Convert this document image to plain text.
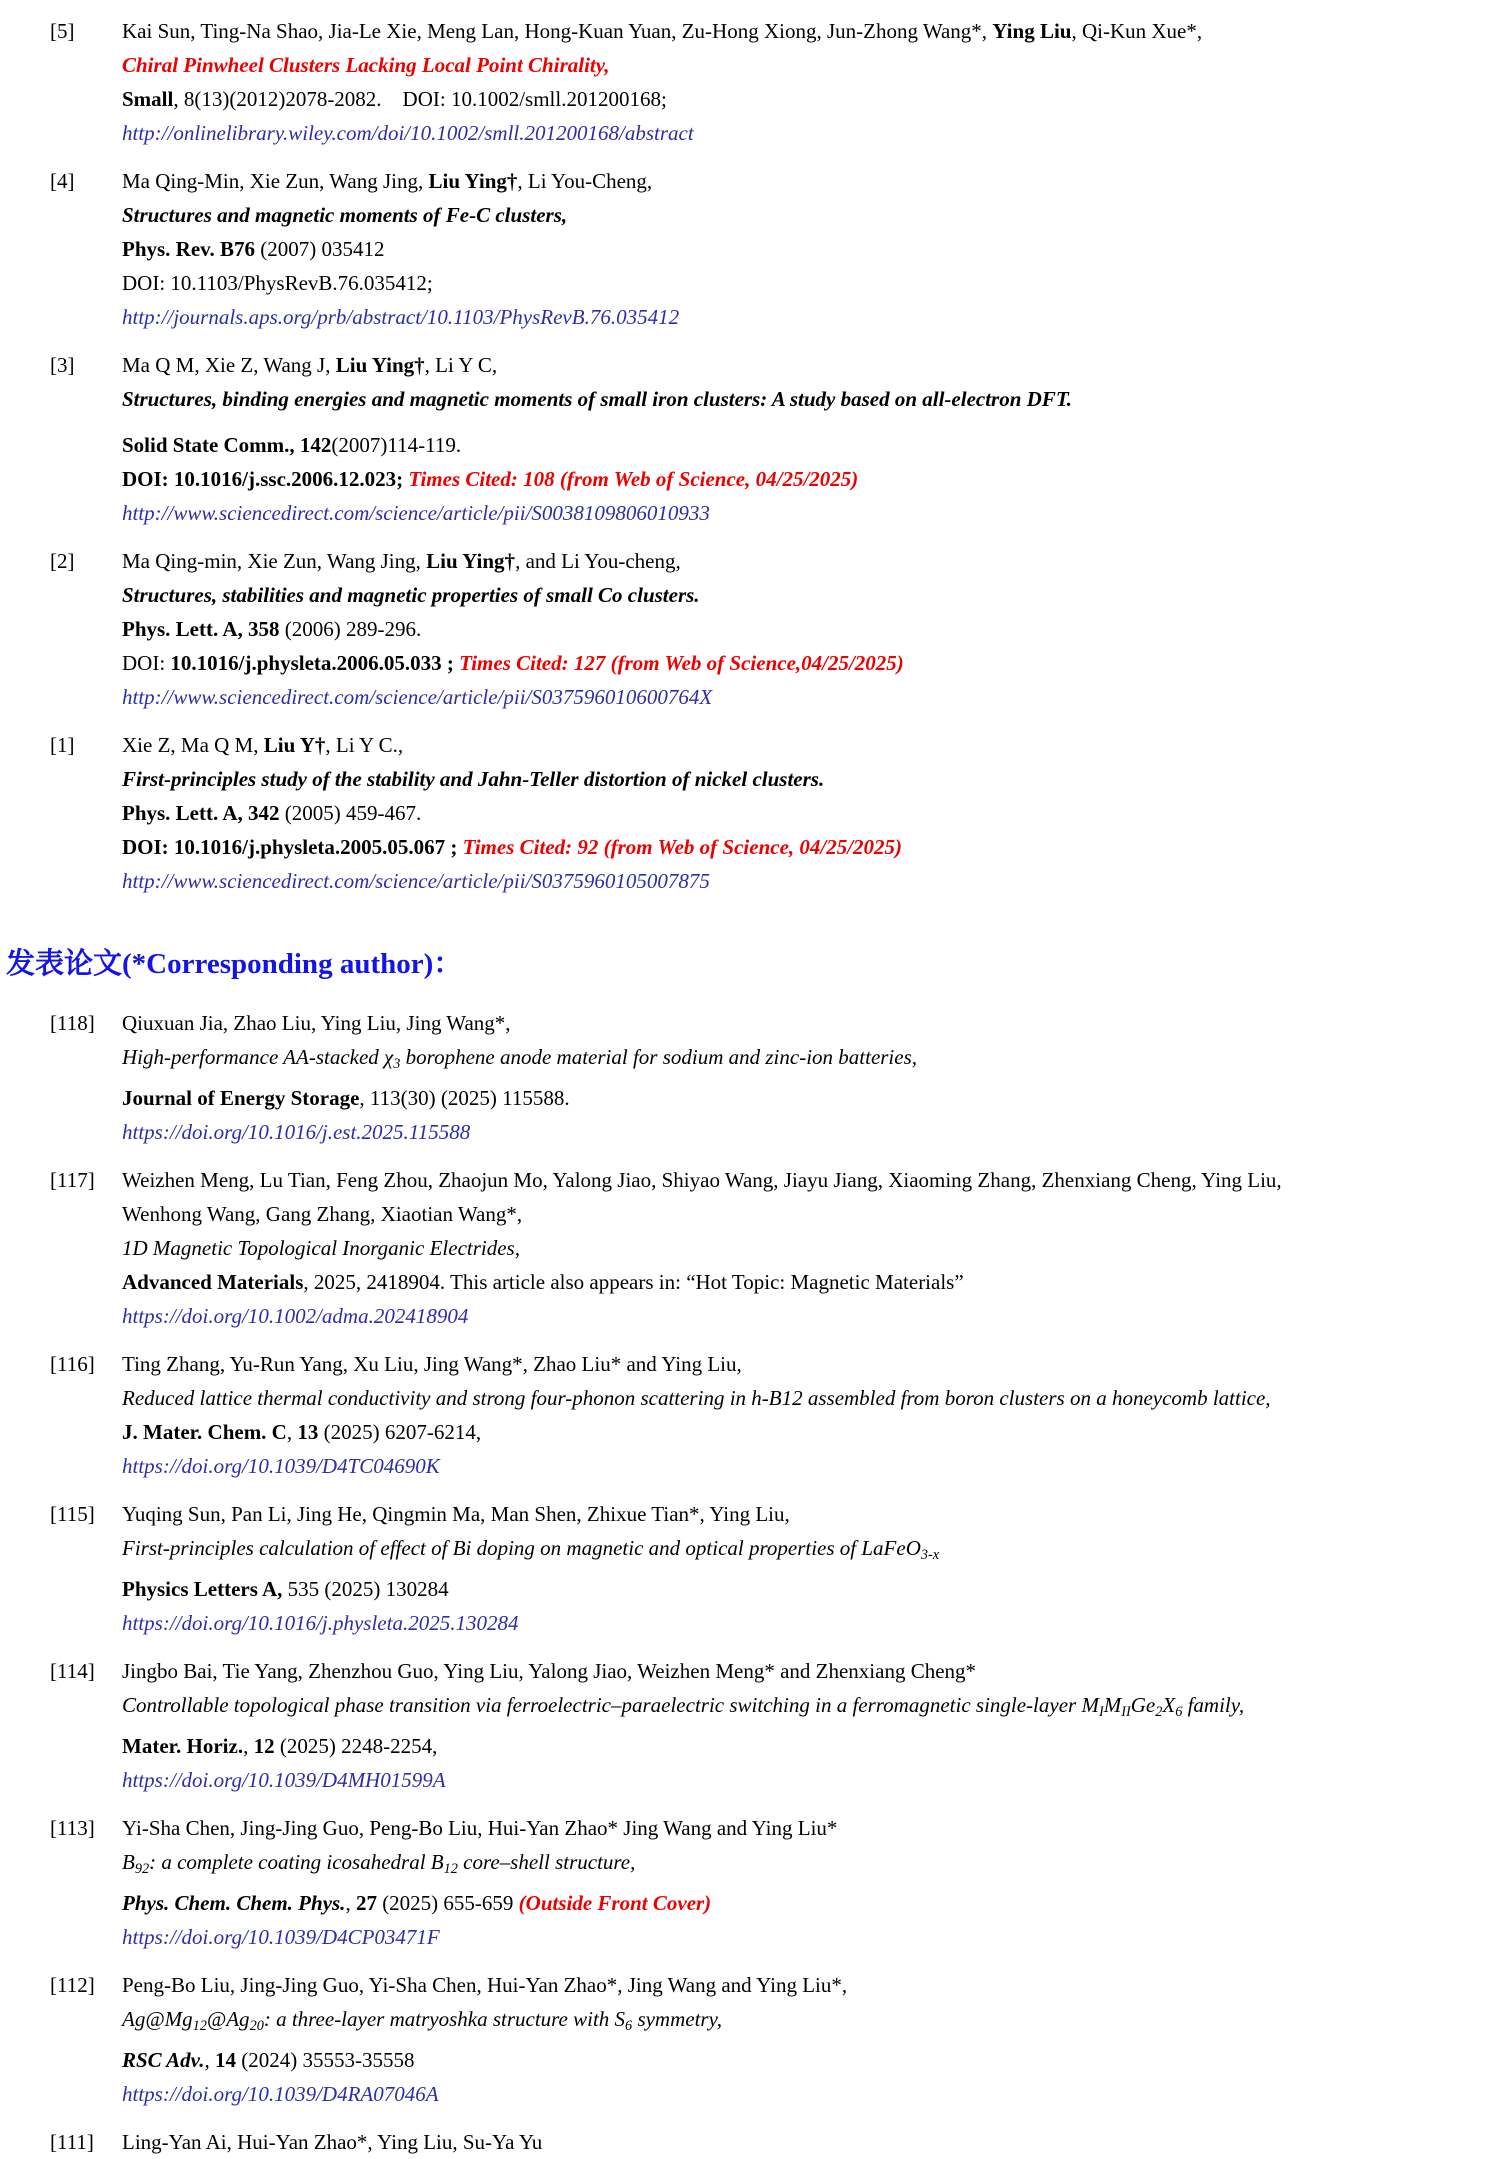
[5]	Kai Sun, Ting-Na Shao, Jia-Le Xie, Meng Lan, Hong-Kuan Yuan, Zu-Hong Xiong, Jun-Zhong Wang*, Ying Liu, Qi-Kun Xue*,
Chiral Pinwheel Clusters Lacking Local Point Chirality,
Small, 8(13)(2012)2078-2082.    DOI: 10.1002/smll.201200168;
http://onlinelibrary.wiley.com/doi/10.1002/smll.201200168/abstract
[4]	Ma Qing-Min, Xie Zun, Wang Jing, Liu Ying†, Li You-Cheng,
Structures and magnetic moments of Fe-C clusters,
Phys. Rev. B76 (2007) 035412
DOI: 10.1103/PhysRevB.76.035412;
http://journals.aps.org/prb/abstract/10.1103/PhysRevB.76.035412
[3]	Ma Q M, Xie Z, Wang J, Liu Ying†, Li Y C,
Structures, binding energies and magnetic moments of small iron clusters: A study based on all-electron DFT.
Solid State Comm., 142(2007)114-119.
DOI: 10.1016/j.ssc.2006.12.023; Times Cited: 108 (from Web of Science, 04/25/2025)
http://www.sciencedirect.com/science/article/pii/S0038109806010933
[2]	Ma Qing-min, Xie Zun, Wang Jing, Liu Ying†, and Li You-cheng,
Structures, stabilities and magnetic properties of small Co clusters.
Phys. Lett. A, 358 (2006) 289-296.
DOI: 10.1016/j.physleta.2006.05.033 ; Times Cited: 127 (from Web of Science,04/25/2025)
http://www.sciencedirect.com/science/article/pii/S037596010600764X
[1]	Xie Z, Ma Q M, Liu Y†, Li Y C.,
First-principles study of the stability and Jahn-Teller distortion of nickel clusters.
Phys. Lett. A, 342 (2005) 459-467.
DOI: 10.1016/j.physleta.2005.05.067 ; Times Cited: 92 (from Web of Science, 04/25/2025)
http://www.sciencedirect.com/science/article/pii/S0375960105007875
发表论文(*Corresponding author)：
[118]	Qiuxuan Jia, Zhao Liu, Ying Liu, Jing Wang*,
High-performance AA-stacked $\chi_3$ borophene anode material for sodium and zinc-ion batteries,
Journal of Energy Storage, 113(30) (2025) 115588.
https://doi.org/10.1016/j.est.2025.115588
[117]	Weizhen Meng, Lu Tian, Feng Zhou, Zhaojun Mo, Yalong Jiao, Shiyao Wang, Jiayu Jiang, Xiaoming Zhang, Zhenxiang Cheng, Ying Liu,
Wenhong Wang, Gang Zhang, Xiaotian Wang*,
1D Magnetic Topological Inorganic Electrides,
Advanced Materials, 2025, 2418904. This article also appears in: “Hot Topic: Magnetic Materials”
https://doi.org/10.1002/adma.202418904
[116]	Ting Zhang, Yu-Run Yang, Xu Liu, Jing Wang*, Zhao Liu* and Ying Liu,
Reduced lattice thermal conductivity and strong four-phonon scattering in h-B12 assembled from boron clusters on a honeycomb lattice,
J. Mater. Chem. C, 13 (2025) 6207-6214,
https://doi.org/10.1039/D4TC04690K
[115]	Yuqing Sun, Pan Li, Jing He, Qingmin Ma, Man Shen, Zhixue Tian*, Ying Liu,
First-principles calculation of effect of Bi doping on magnetic and optical properties of LaFeO$_{3-x}$
Physics Letters A, 535 (2025) 130284
https://doi.org/10.1016/j.physleta.2025.130284
[114]	Jingbo Bai, Tie Yang, Zhenzhou Guo, Ying Liu, Yalong Jiao, Weizhen Meng* and Zhenxiang Cheng*
Controllable topological phase transition via ferroelectric–paraelectric switching in a ferromagnetic single-layer $M_IM_{II}Ge_2X_6$ family,
Mater. Horiz., 12 (2025) 2248-2254,
https://doi.org/10.1039/D4MH01599A
[113]	Yi-Sha Chen, Jing-Jing Guo, Peng-Bo Liu, Hui-Yan Zhao* Jing Wang and Ying Liu*
$B_{92}$: a complete coating icosahedral $B_{12}$ core–shell structure,
Phys. Chem. Chem. Phys., 27 (2025) 655-659 (Outside Front Cover)
https://doi.org/10.1039/D4CP03471F
[112]	Peng-Bo Liu, Jing-Jing Guo, Yi-Sha Chen, Hui-Yan Zhao*, Jing Wang and Ying Liu*,
$Ag@Mg_{12}@Ag_{20}$: a three-layer matryoshka structure with $S_6$ symmetry,
RSC Adv., 14 (2024) 35553-35558
https://doi.org/10.1039/D4RA07046A
[111]	Ling-Yan Ai, Hui-Yan Zhao*, Ying Liu, Su-Ya Yu
